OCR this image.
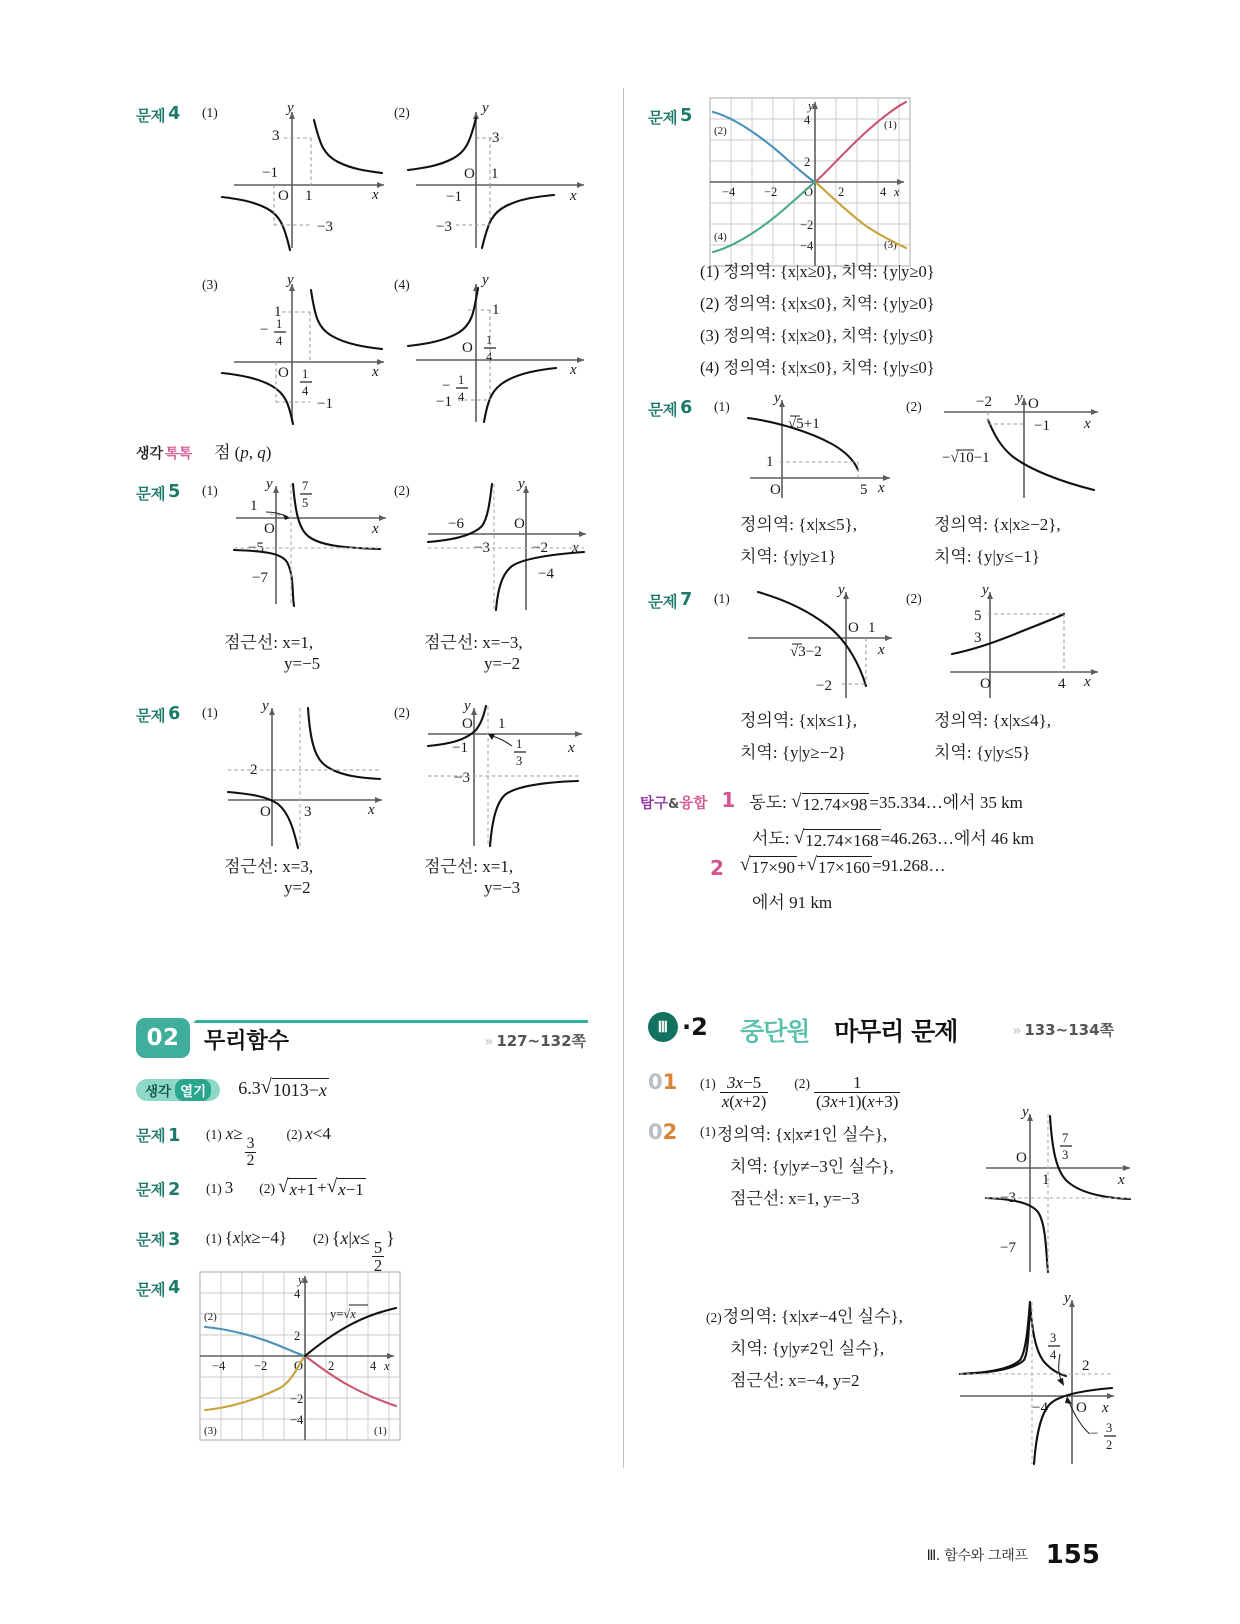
문제 4 (1)	y
x
O
−1
1
3
−3
(2)	y
x
O
−1
1
3
−3
(3)	y
x
O
1
− 1
4
1
4
−1
(4)	y
x
O
1
1
4
− 1
4
−1
생각 톡톡 점 (p, q)
문제 5 (1)	y
x
O
1
7
5
−5
−7
(2)	y
x
O
−6
−3	−2
−4
점근선: x=1,
y=−5
점근선: x=−3,
y=−2
문제 6 (1)	y
x
O
2
3
(2)	y
x
O 1
−1	1
3
−3
점근선: x=3,
y=2
점근선: x=1,
y=−3
02 무리함수	» 127~132쪽
생각 열기 6.3 √ 1013−x
문제 1	(1) x≥
$\frac{3}{2}$
(2) x<4
문제 2	(1) 3 (2) √ x+1 + √ x−1
문제 3	(1) {x|x≥−4} (2) {x|x≤
$\frac{5}{2}$
}
문제 4	y
x
4
2
−2
−4
−4 −2 O 2	4
(2)
(3)	(1)
y=√x
문제 5	y
x
4
2
−2
−4
−4 −2 O 2	4
(2)	(1)
(4)
(3)
(1) 정의역: {x|x≥0}, 치역: {y|y≥0}
(2) 정의역: {x|x≤0}, 치역: {y|y≥0}
(3) 정의역: {x|x≥0}, 치역: {y|y≤0}
(4) 정의역: {x|x≤0}, 치역: {y|y≤0}
문제 6 (1)
y
x
O
1
5
√5+1
(2)
y
x
O
−2
−1
−√10−1
정의역: {x|x≤5},
치역: {y|y≥1}
정의역: {x|x≥−2},
치역: {y|y≤−1}
문제 7 (1)
y
x
O 1
√3−2
−2
(2)
y
x
O
5
3
4
정의역: {x|x≤1},
치역: {y|y≥−2}
정의역: {x|x≤4},
치역: {y|y≤5}
탐구&융합 1 동도: √ 12.74×98 =35.334…에서 35 km
서도: √ 12.74×168 =46.263…에서 46 km
2 √ 17×90 + √ 17×160 =91.268…
에서 91 km
Ⅲ ·2 중단원 마무리 문제	» 133~134쪽
01	$(1) \frac{3x-5}{x(x+2)} (2) \frac{1}{(3x+1)(x+3)}$
02	(1) 정의역: {x|x≠1인 실수},
치역: {y|y≠−3인 실수},
점근선: x=1, y=−3
y
x
O
1
7
3
−3
−7
(2)정의역: {x|x≠−4인 실수},
치역: {y|y≠2인 실수},
점근선: x=−4, y=2
y
x
O
−4
3
4
2
− 3
2
Ⅲ. 함수와 그래프 155
